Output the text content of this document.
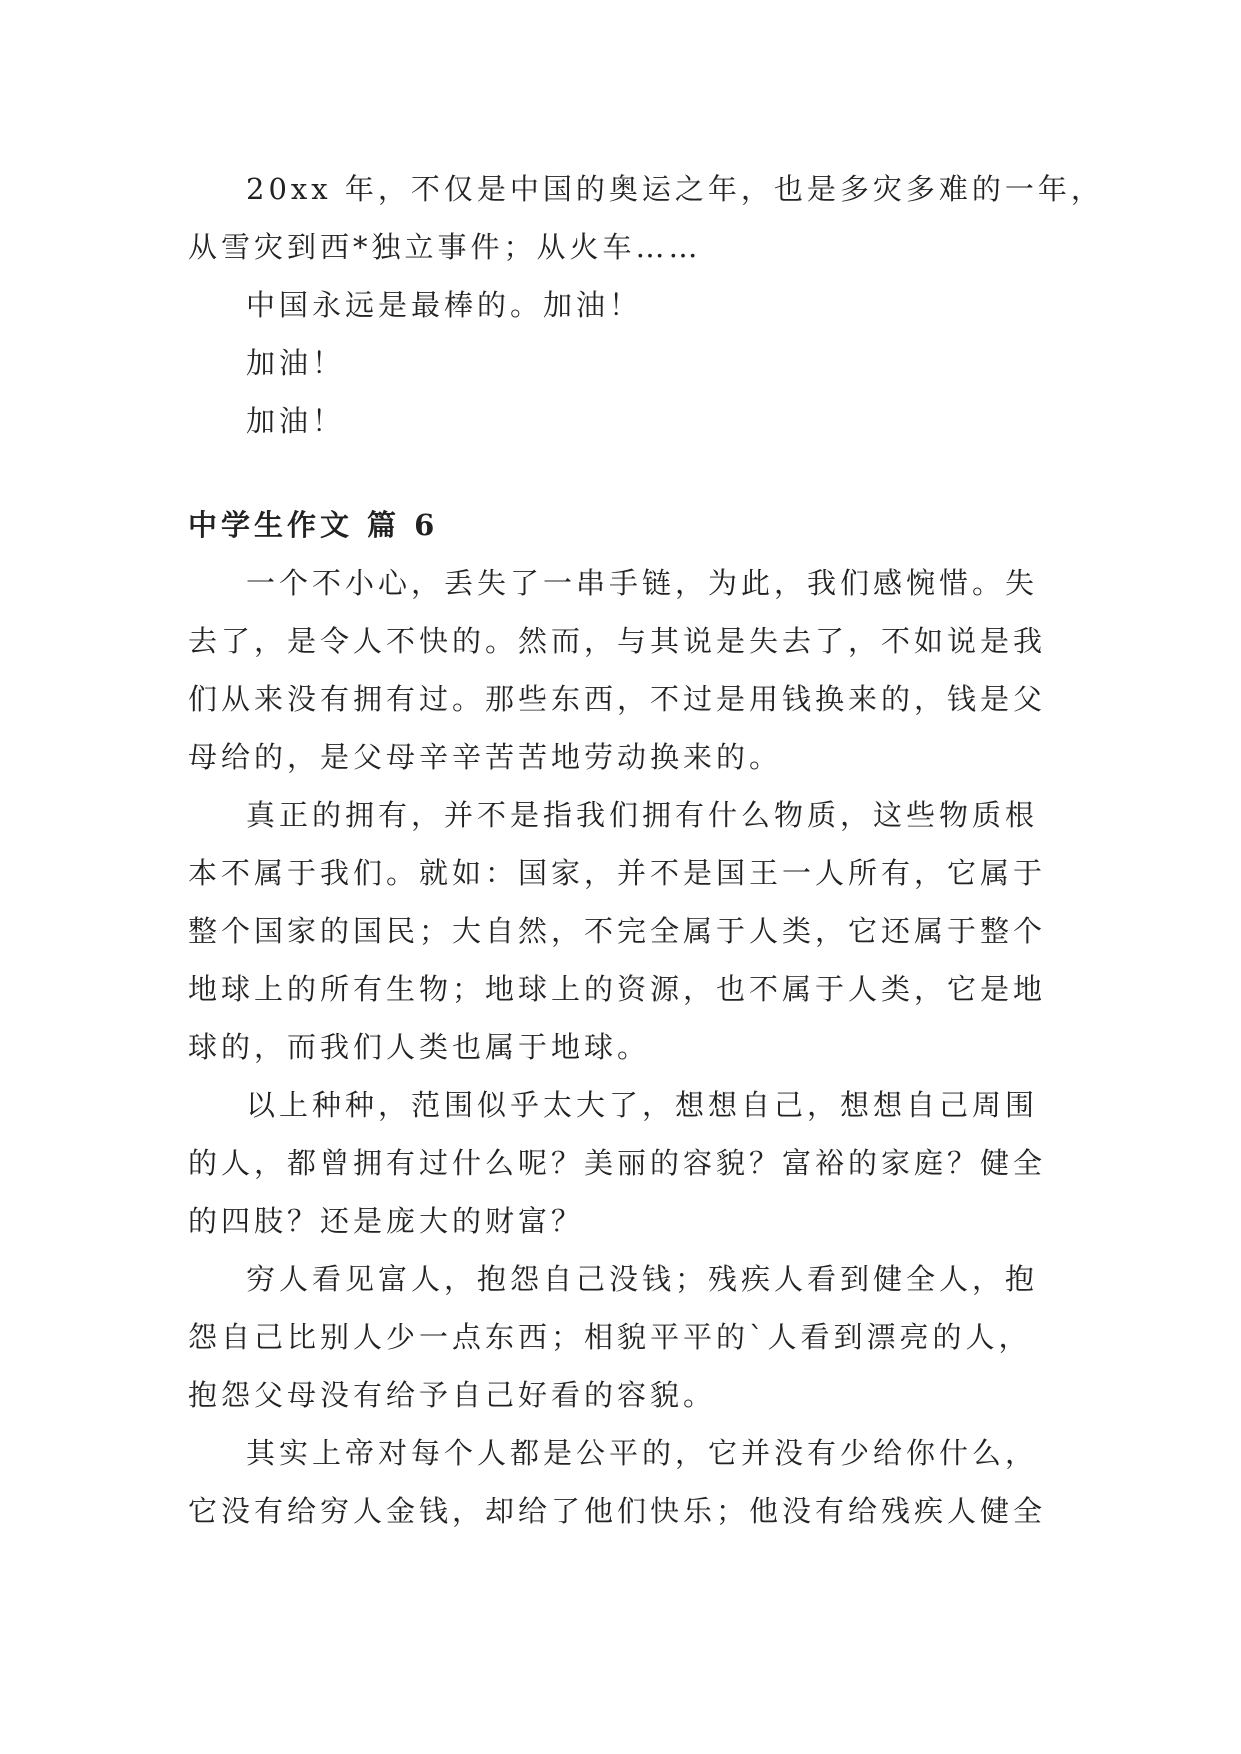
20xx 年，不仅是中国的奥运之年，也是多灾多难的一年，
从雪灾到西*独立事件；从火车……

中国永远是最棒的。加油！

加油！

加油！

中学生作文 篇 6

一个不小心，丢失了一串手链，为此，我们感惋惜。失
去了，是令人不快的。然而，与其说是失去了，不如说是我
们从来没有拥有过。那些东西，不过是用钱换来的，钱是父
母给的，是父母辛辛苦苦地劳动换来的。

真正的拥有，并不是指我们拥有什么物质，这些物质根
本不属于我们。就如：国家，并不是国王一人所有，它属于
整个国家的国民；大自然，不完全属于人类，它还属于整个
地球上的所有生物；地球上的资源，也不属于人类，它是地
球的，而我们人类也属于地球。

以上种种，范围似乎太大了，想想自己，想想自己周围
的人，都曾拥有过什么呢？美丽的容貌？富裕的家庭？健全
的四肢？还是庞大的财富？

穷人看见富人，抱怨自己没钱；残疾人看到健全人，抱
怨自己比别人少一点东西；相貌平平的`人看到漂亮的人，
抱怨父母没有给予自己好看的容貌。

其实上帝对每个人都是公平的，它并没有少给你什么，
它没有给穷人金钱，却给了他们快乐；他没有给残疾人健全
